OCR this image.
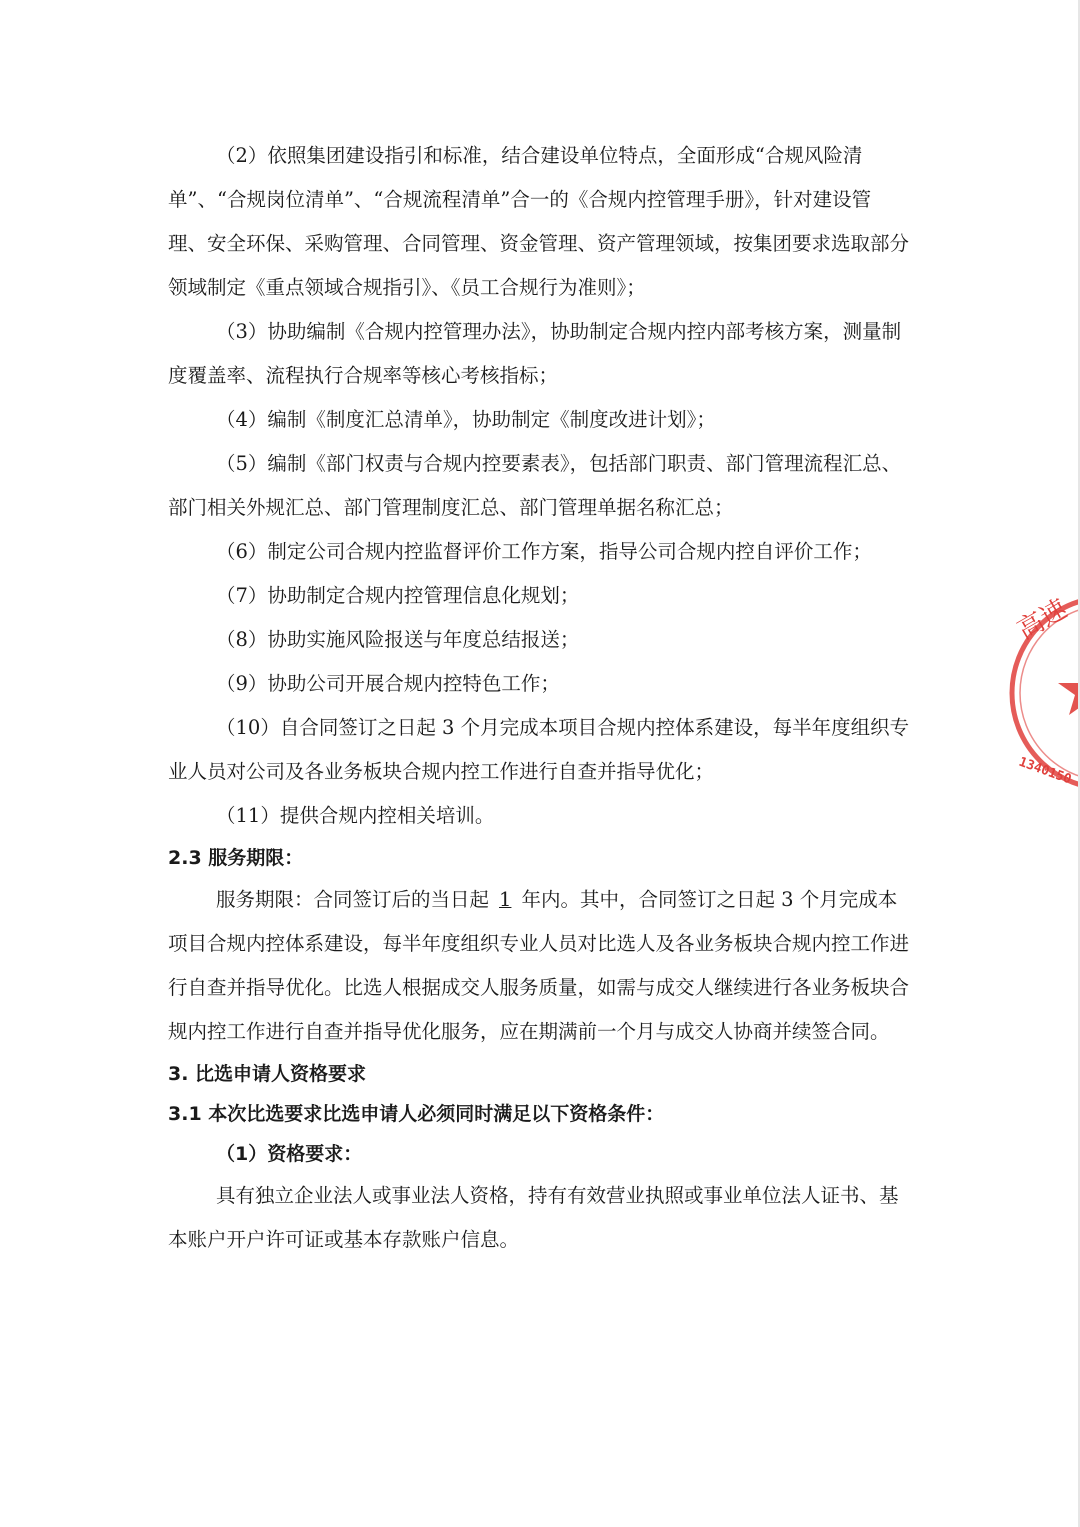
（2）依照集团建设指引和标准，结合建设单位特点，全面形成“合规风险清单”、“合规岗位清单”、“合规流程清单”合一的《合规内控管理手册》，针对建设管理、安全环保、采购管理、合同管理、资金管理、资产管理领域，按集团要求选取部分领域制定《重点领域合规指引》、《员工合规行为准则》；

（3）协助编制《合规内控管理办法》，协助制定合规内控内部考核方案，测量制度覆盖率、流程执行合规率等核心考核指标；

（4）编制《制度汇总清单》，协助制定《制度改进计划》；

（5）编制《部门权责与合规内控要素表》，包括部门职责、部门管理流程汇总、部门相关外规汇总、部门管理制度汇总、部门管理单据名称汇总；

（6）制定公司合规内控监督评价工作方案，指导公司合规内控自评价工作；

（7）协助制定合规内控管理信息化规划；

（8）协助实施风险报送与年度总结报送；

（9）协助公司开展合规内控特色工作；

（10）自合同签订之日起 3 个月完成本项目合规内控体系建设，每半年度组织专业人员对公司及各业务板块合规内控工作进行自查并指导优化；

（11）提供合规内控相关培训。

2.3 服务期限：

服务期限：合同签订后的当日起 1 年内。其中，合同签订之日起 3 个月完成本项目合规内控体系建设，每半年度组织专业人员对比选人及各业务板块合规内控工作进行自查并指导优化。比选人根据成交人服务质量，如需与成交人继续进行各业务板块合规内控工作进行自查并指导优化服务，应在期满前一个月与成交人协商并续签合同。

3. 比选申请人资格要求

3.1 本次比选要求比选申请人必须同时满足以下资格条件：

（1）资格要求：

具有独立企业法人或事业法人资格，持有有效营业执照或事业单位法人证书、基本账户开户许可证或基本存款账户信息。

高速
1340150
